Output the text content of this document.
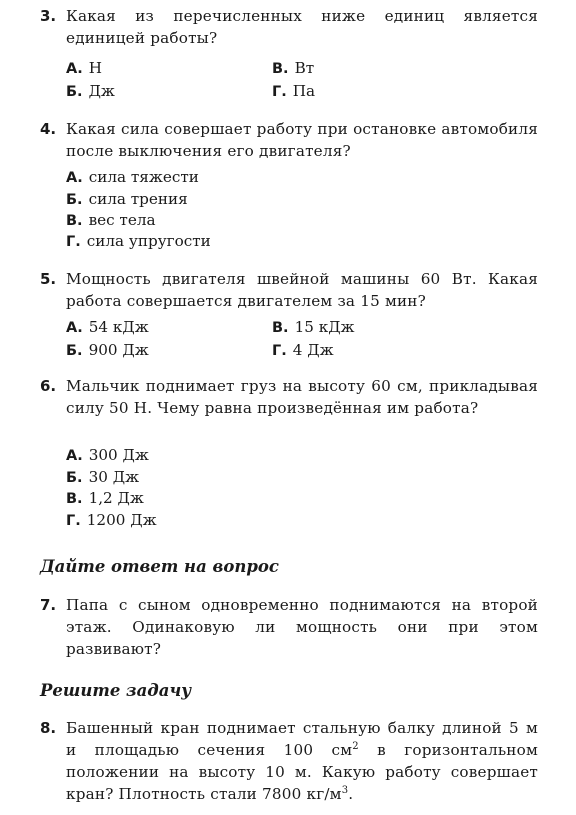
3. Какая из перечисленных ниже единиц является единицей работы?
А. Н	В. Вт
Б. Дж	Г. Па
4. Какая сила совершает работу при остановке автомобиля после выключения его двигателя?
А. сила тяжести
Б. сила трения
В. вес тела
Г. сила упругости
5. Мощность двигателя швейной машины 60 Вт. Какая работа совершается двигателем за 15 мин?
А. 54 кДж	В. 15 кДж
Б. 900 Дж	Г. 4 Дж
6. Мальчик поднимает груз на высоту 60 см, прикладывая силу 50 Н. Чему равна произведённая им работа?
А. 300 Дж
Б. 30 Дж
В. 1,2 Дж
Г. 1200 Дж
Дайте ответ на вопрос
7. Папа с сыном одновременно поднимаются на второй этаж. Одинаковую ли мощность они при этом развивают?
Решите задачу
8. Башенный кран поднимает стальную балку длиной 5 м и площадью сечения 100 $см^2$ в горизонтальном положении на высоту 10 м. Какую работу совершает кран? Плотность стали 7800 $кг/м^3$.
